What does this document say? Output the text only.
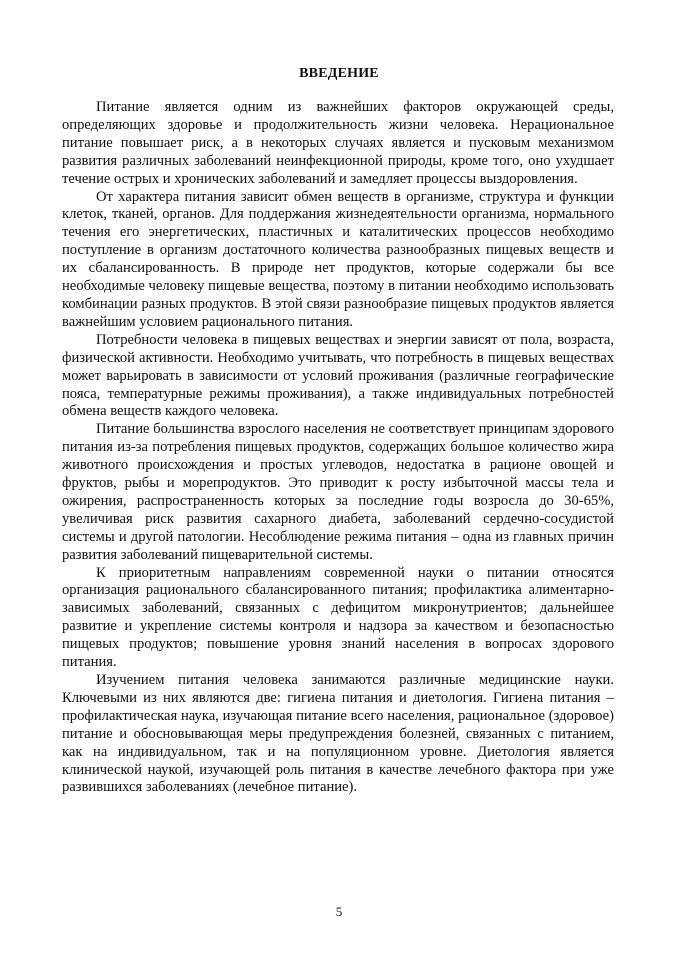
ВВЕДЕНИЕ

Питание является одним из важнейших факторов окружающей среды, определяющих здоровье и продолжительность жизни человека. Нерациональное питание повышает риск, а в некоторых случаях является и пусковым механизмом развития различных заболеваний неинфекционной природы, кроме того, оно ухудшает течение острых и хронических заболеваний и замедляет процессы выздоровления.

От характера питания зависит обмен веществ в организме, структура и функции клеток, тканей, органов. Для поддержания жизнедеятельности организма, нормального течения его энергетических, пластичных и каталитических процессов необходимо поступление в организм достаточного количества разнообразных пищевых веществ и их сбалансированность. В природе нет продуктов, которые содержали бы все необходимые человеку пищевые вещества, поэтому в питании необходимо использовать комбинации разных продуктов. В этой связи разнообразие пищевых продуктов является важнейшим условием рационального питания.

Потребности человека в пищевых веществах и энергии зависят от пола, возраста, физической активности. Необходимо учитывать, что потребность в пищевых веществах может варьировать в зависимости от условий проживания (различные географические пояса, температурные режимы проживания), а также индивидуальных потребностей обмена веществ каждого человека.

Питание большинства взрослого населения не соответствует принципам здорового питания из-за потребления пищевых продуктов, содержащих большое количество жира животного происхождения и простых углеводов, недостатка в рационе овощей и фруктов, рыбы и морепродуктов. Это приводит к росту избыточной массы тела и ожирения, распространенность которых за последние годы возросла до 30-65%, увеличивая риск развития сахарного диабета, заболеваний сердечно-сосудистой системы и другой патологии. Несоблюдение режима питания – одна из главных причин развития заболеваний пищеварительной системы.

К приоритетным направлениям современной науки о питании относятся организация рационального сбалансированного питания; профилактика алиментарно-зависимых заболеваний, связанных с дефицитом микронутриентов; дальнейшее развитие и укрепление системы контроля и надзора за качеством и безопасностью пищевых продуктов; повышение уровня знаний населения в вопросах здорового питания.

Изучением питания человека занимаются различные медицинские науки. Ключевыми из них являются две: гигиена питания и диетология. Гигиена питания – профилактическая наука, изучающая питание всего населения, рациональное (здоровое) питание и обосновывающая меры предупреждения болезней, связанных с питанием, как на индивидуальном, так и на популяционном уровне. Диетология является клинической наукой, изучающей роль питания в качестве лечебного фактора при уже развившихся заболеваниях (лечебное питание).

5
